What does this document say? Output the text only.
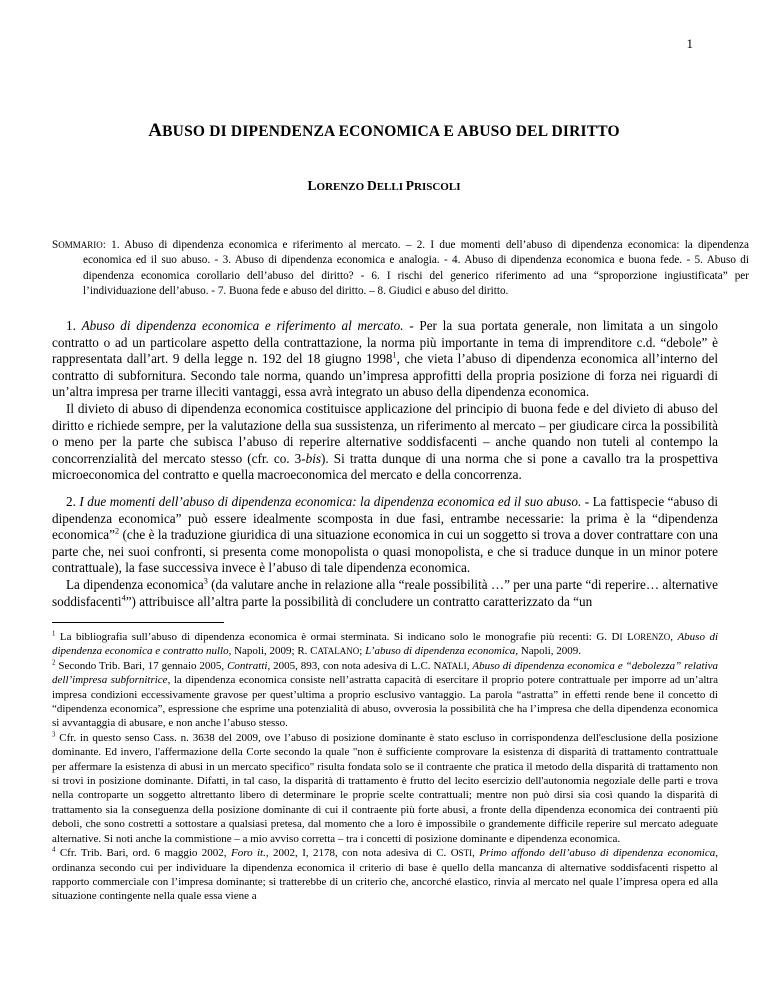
1
ABUSO DI DIPENDENZA ECONOMICA E ABUSO DEL DIRITTO
LORENZO DELLI PRISCOLI
SOMMARIO: 1. Abuso di dipendenza economica e riferimento al mercato. – 2. I due momenti dell’abuso di dipendenza economica: la dipendenza economica ed il suo abuso. - 3. Abuso di dipendenza economica e analogia. - 4. Abuso di dipendenza economica e buona fede. - 5. Abuso di dipendenza economica corollario dell’abuso del diritto? - 6. I rischi del generico riferimento ad una “sproporzione ingiustificata” per l’individuazione dell’abuso. - 7. Buona fede e abuso del diritto. – 8. Giudici e abuso del diritto.

1. Abuso di dipendenza economica e riferimento al mercato. - Per la sua portata generale, non limitata a un singolo contratto o ad un particolare aspetto della contrattazione, la norma più importante in tema di imprenditore c.d. “debole” è rappresentata dall’art. 9 della legge n. 192 del 18 giugno 1998$^1$, che vieta l’abuso di dipendenza economica all’interno del contratto di subfornitura. Secondo tale norma, quando un’impresa approfitti della propria posizione di forza nei riguardi di un’altra impresa per trarne illeciti vantaggi, essa avrà integrato un abuso della dipendenza economica.

Il divieto di abuso di dipendenza economica costituisce applicazione del principio di buona fede e del divieto di abuso del diritto e richiede sempre, per la valutazione della sua sussistenza, un riferimento al mercato – per giudicare circa la possibilità o meno per la parte che subisca l’abuso di reperire alternative soddisfacenti – anche quando non tuteli al contempo la concorrenzialità del mercato stesso (cfr. co. 3-bis). Si tratta dunque di una norma che si pone a cavallo tra la prospettiva microeconomica del contratto e quella macroeconomica del mercato e della concorrenza.

2. I due momenti dell’abuso di dipendenza economica: la dipendenza economica ed il suo abuso. - La fattispecie “abuso di dipendenza economica” può essere idealmente scomposta in due fasi, entrambe necessarie: la prima è la “dipendenza economica”$^2$ (che è la traduzione giuridica di una situazione economica in cui un soggetto si trova a dover contrattare con una parte che, nei suoi confronti, si presenta come monopolista o quasi monopolista, e che si traduce dunque in un minor potere contrattuale), la fase successiva invece è l’abuso di tale dipendenza economica.

La dipendenza economica$^3$ (da valutare anche in relazione alla “reale possibilità …” per una parte “di reperire… alternative soddisfacenti$^4$”) attribuisce all’altra parte la possibilità di concludere un contratto caratterizzato da “un

$^1$ La bibliografia sull’abuso di dipendenza economica è ormai sterminata. Si indicano solo le monografie più recenti: G. DI LORENZO, Abuso di dipendenza economica e contratto nullo, Napoli, 2009; R. CATALANO; L’abuso di dipendenza economica, Napoli, 2009.

$^2$ Secondo Trib. Bari, 17 gennaio 2005, Contratti, 2005, 893, con nota adesiva di L.C. NATALI, Abuso di dipendenza economica e “debolezza” relativa dell’impresa subfornitrice, la dipendenza economica consiste nell’astratta capacità di esercitare il proprio potere contrattuale per imporre ad un’altra impresa condizioni eccessivamente gravose per quest’ultima a proprio esclusivo vantaggio. La parola “astratta” in effetti rende bene il concetto di “dipendenza economica”, espressione che esprime una potenzialità di abuso, ovverosia la possibilità che ha l’impresa che della dipendenza economica si avvantaggia di abusare, e non anche l’abuso stesso.

$^3$ Cfr. in questo senso Cass. n. 3638 del 2009, ove l’abuso di posizione dominante è stato escluso in corrispondenza dell'esclusione della posizione dominante. Ed invero, l'affermazione della Corte secondo la quale "non è sufficiente comprovare la esistenza di disparità di trattamento contrattuale per affermare la esistenza di abusi in un mercato specifico" risulta fondata solo se il contraente che pratica il metodo della disparità di trattamento non si trovi in posizione dominante. Difatti, in tal caso, la disparità di trattamento è frutto del lecito esercizio dell'autonomia negoziale delle parti e trova nella controparte un soggetto altrettanto libero di determinare le proprie scelte contrattuali; mentre non può dirsi sia così quando la disparità di trattamento sia la conseguenza della posizione dominante di cui il contraente più forte abusi, a fronte della dipendenza economica dei contraenti più deboli, che sono costretti a sottostare a qualsiasi pretesa, dal momento che a loro è impossibile o grandemente difficile reperire sul mercato adeguate alternative. Si noti anche la commistione – a mio avviso corretta – tra i concetti di posizione dominante e dipendenza economica.

$^4$ Cfr. Trib. Bari, ord. 6 maggio 2002, Foro it., 2002, I, 2178, con nota adesiva di C. OSTI, Primo affondo dell’abuso di dipendenza economica, ordinanza secondo cui per individuare la dipendenza economica il criterio di base è quello della mancanza di alternative soddisfacenti rispetto al rapporto commerciale con l’impresa dominante; si tratterebbe di un criterio che, ancorché elastico, rinvia al mercato nel quale l’impresa opera ed alla situazione contingente nella quale essa viene a
